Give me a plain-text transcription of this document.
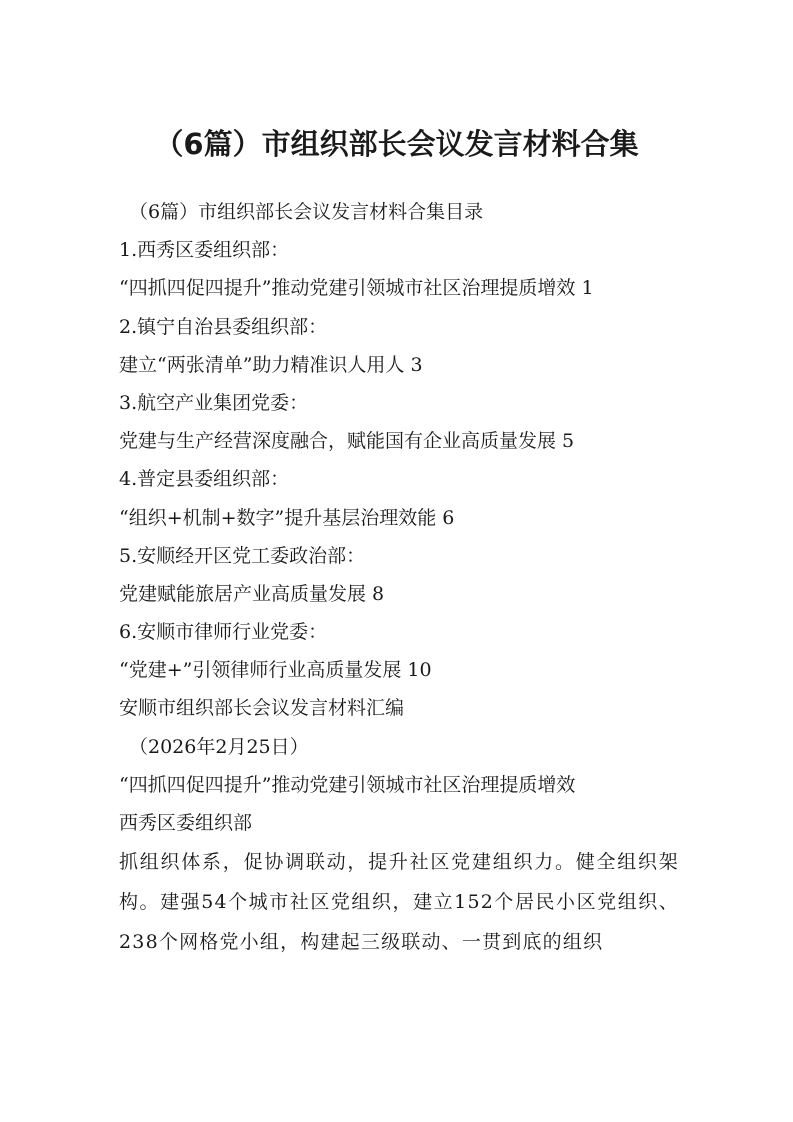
（6篇）市组织部长会议发言材料合集

（6篇）市组织部长会议发言材料合集目录

1.西秀区委组织部：

“四抓四促四提升”推动党建引领城市社区治理提质增效 1

2.镇宁自治县委组织部：

建立“两张清单”助力精准识人用人 3

3.航空产业集团党委：

党建与生产经营深度融合，赋能国有企业高质量发展 5

4.普定县委组织部：

“组织+机制+数字”提升基层治理效能 6

5.安顺经开区党工委政治部：

党建赋能旅居产业高质量发展 8

6.安顺市律师行业党委：

“党建+”引领律师行业高质量发展 10

安顺市组织部长会议发言材料汇编

（2026年2月25日）

“四抓四促四提升”推动党建引领城市社区治理提质增效

西秀区委组织部

抓组织体系，促协调联动，提升社区党建组织力。健全组织架构。建强54个城市社区党组织，建立152个居民小区党组织、238个网格党小组，构建起三级联动、一贯到底的组织
